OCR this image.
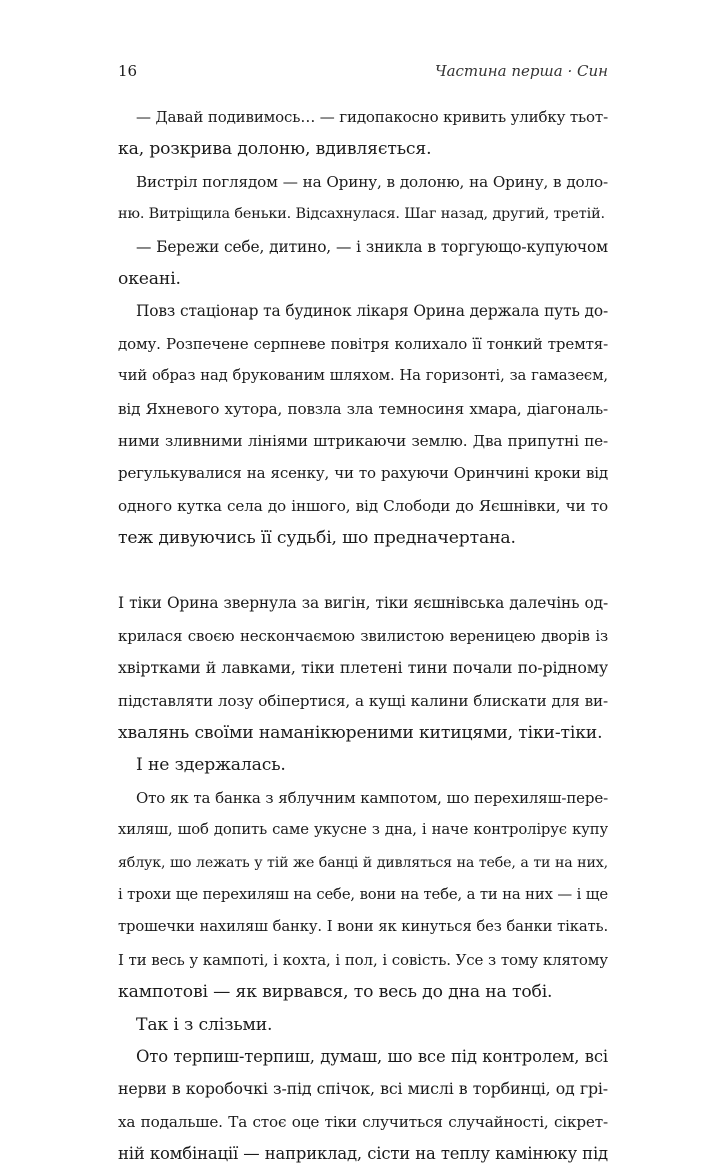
16	Частина перша · Син
— Давай подивимось… — гидопакосно кривить улибку тьот-
ка, розкрива долоню, вдивляється.
Вистріл поглядом — на Орину, в долоню, на Орину, в доло-
ню. Витріщила беньки. Відсахнулася. Шаг назад, другий, третій.
— Бережи себе, дитино, — і зникла в торгующо-купуючом
океані.
Повз стаціонар та будинок лікаря Орина держала путь до-
дому. Розпечене серпневе повітря колихало її тонкий тремтя-
чий образ над брукованим шляхом. На горизонті, за гамазеєм,
від Яхневого хутора, повзла зла темносиня хмара, діагональ-
ними зливними лініями штрикаючи землю. Два припутні пе-
регулькувалися на ясенку, чи то рахуючи Оринчині кроки від
одного кутка села до іншого, від Слободи до Яєшнівки, чи то
теж дивуючись її судьбі, шо предначертана.
І тіки Орина звернула за вигін, тіки яєшнівська далечінь од-
крилася своєю нескончаємою звилистою вереницею дворів із
хвіртками й лавками, тіки плетені тини почали по-рідному
підставляти лозу обіпертися, а кущі калини блискати для ви-
хвалянь своїми наманікюреними китицями, тіки-тіки.
І не здержалась.
Ото як та банка з яблучним кампотом, шо перехиляш-пере-
хиляш, шоб допить саме укусне з дна, і наче контролірує купу
яблук, шо лежать у тій же банці й дивляться на тебе, а ти на них,
і трохи ще перехиляш на себе, вони на тебе, а ти на них — і ще
трошечки нахиляш банку. І вони як кинуться без банки тікать.
І ти весь у кампоті, і кохта, і пол, і совість. Усе з тому клятому
кампотові — як вирвався, то весь до дна на тобі.
Так і з слізьми.
Ото терпиш-терпиш, думаш, шо все під контролем, всі
нерви в коробочкі з-під спічок, всі мислі в торбинці, од грі-
ха подальше. Та стоє оце тіки случиться случайності, сікрет-
ній комбінації — наприклад, сісти на теплу камінюку під
